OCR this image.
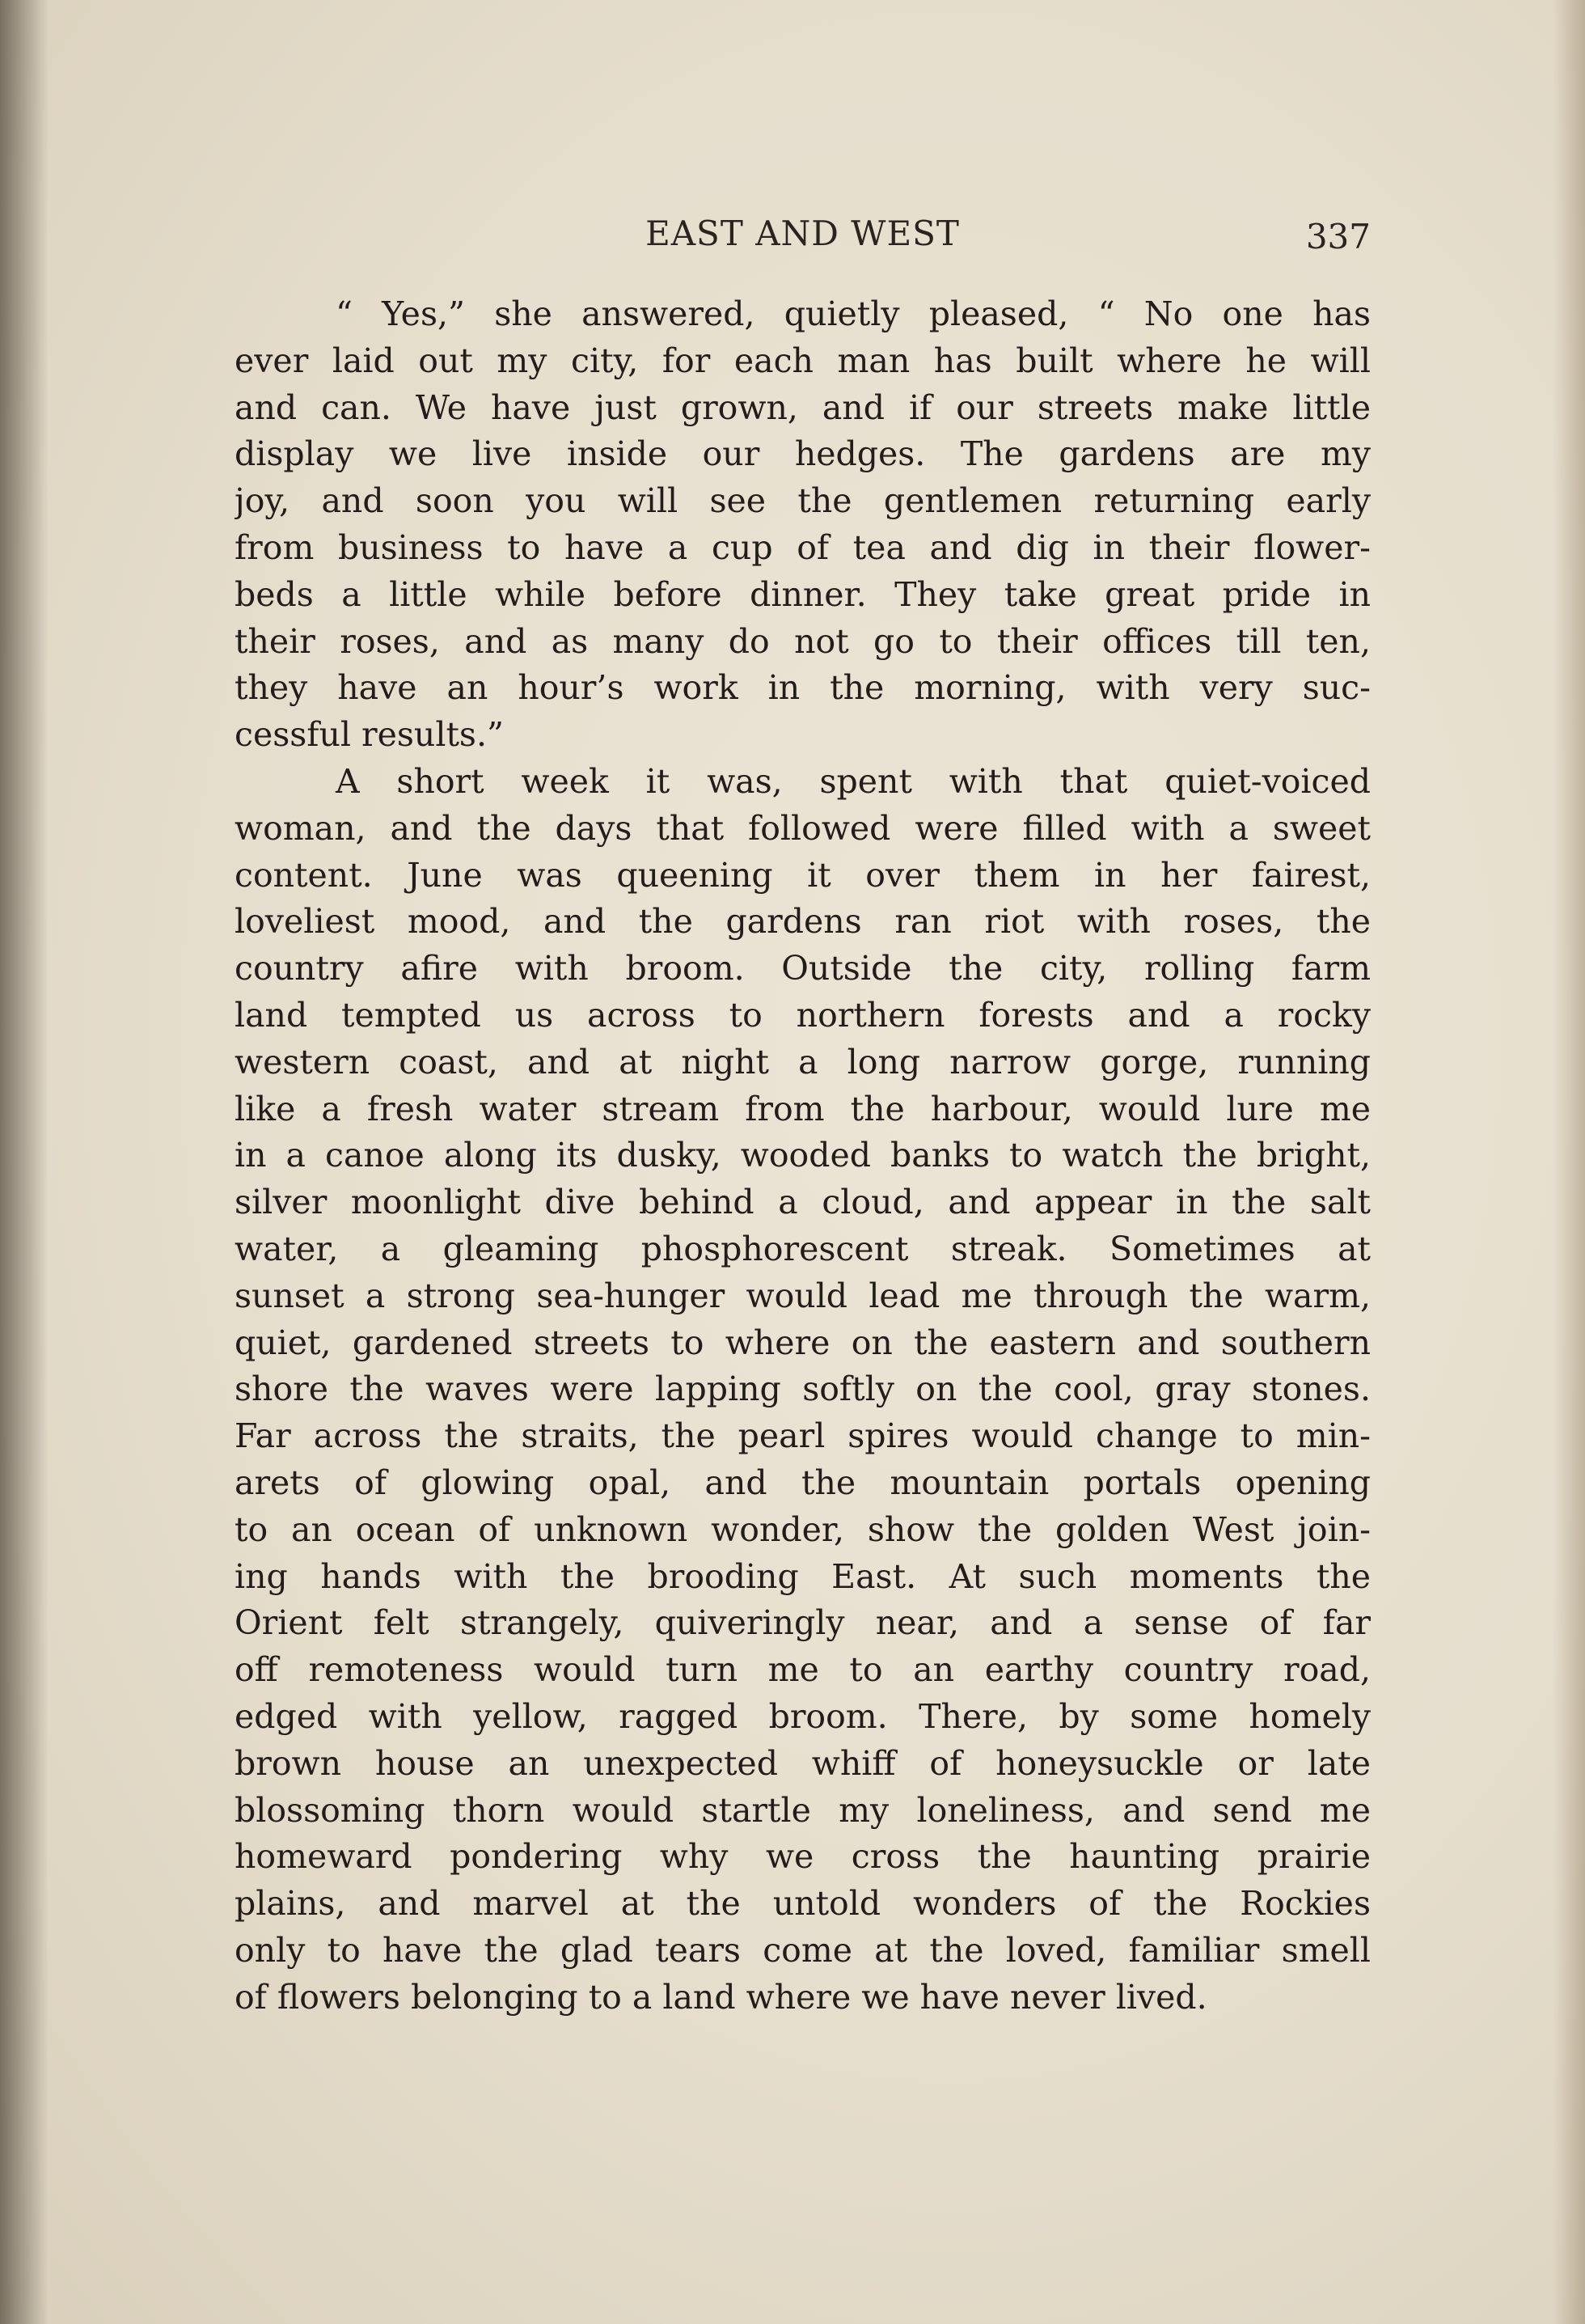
EAST AND WEST	337
“ Yes,” she answered, quietly pleased, “ No one has
ever laid out my city, for each man has built where he will
and can. We have just grown, and if our streets make little
display we live inside our hedges. The gardens are my
joy, and soon you will see the gentlemen returning early
from business to have a cup of tea and dig in their flower-
beds a little while before dinner. They take great pride in
their roses, and as many do not go to their offices till ten,
they have an hour’s work in the morning, with very suc-
cessful results.”
A short week it was, spent with that quiet-voiced
woman, and the days that followed were filled with a sweet
content. June was queening it over them in her fairest,
loveliest mood, and the gardens ran riot with roses, the
country afire with broom. Outside the city, rolling farm
land tempted us across to northern forests and a rocky
western coast, and at night a long narrow gorge, running
like a fresh water stream from the harbour, would lure me
in a canoe along its dusky, wooded banks to watch the bright,
silver moonlight dive behind a cloud, and appear in the salt
water, a gleaming phosphorescent streak. Sometimes at
sunset a strong sea-hunger would lead me through the warm,
quiet, gardened streets to where on the eastern and southern
shore the waves were lapping softly on the cool, gray stones.
Far across the straits, the pearl spires would change to min-
arets of glowing opal, and the mountain portals opening
to an ocean of unknown wonder, show the golden West join-
ing hands with the brooding East. At such moments the
Orient felt strangely, quiveringly near, and a sense of far
off remoteness would turn me to an earthy country road,
edged with yellow, ragged broom. There, by some homely
brown house an unexpected whiff of honeysuckle or late
blossoming thorn would startle my loneliness, and send me
homeward pondering why we cross the haunting prairie
plains, and marvel at the untold wonders of the Rockies
only to have the glad tears come at the loved, familiar smell
of flowers belonging to a land where we have never lived.
